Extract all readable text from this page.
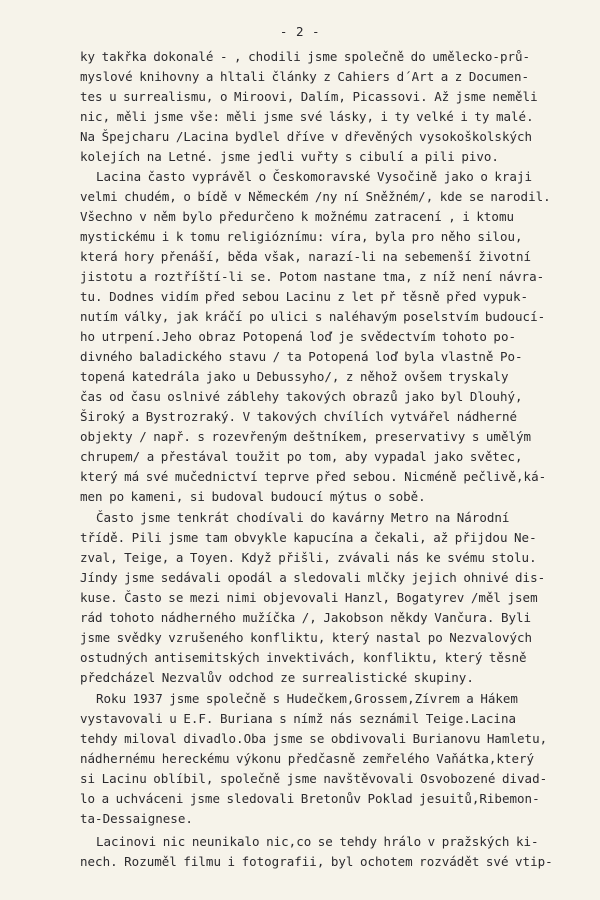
- 2 -
ky takřka dokonalé - , chodili jsme společně do umělecko-prů-
myslové knihovny a hltali články z Cahiers d´Art a z Documen-
tes u surrealismu, o Miroovi, Dalím, Picassovi. Až jsme neměli
nic, měli jsme vše: měli jsme své lásky, i ty velké i ty malé.
Na Špejcharu /Lacina bydlel dříve v dřevěných vysokoškolských
kolejích na Letné. jsme jedli vuřty s cibulí a pili pivo.
Lacina často vyprávěl o Českomoravské Vysočině jako o kraji
velmi chudém, o bídě v Německém /ny ní Sněžném/, kde se narodil.
Všechno v něm bylo předurčeno k možnému zatracení , i ktomu
mystickému i k tomu religióznímu: víra, byla pro něho silou,
která hory přenáší, běda však, narazí-li na sebemenší životní
jistotu a roztříští-li se. Potom nastane tma, z níž není návra-
tu. Dodnes vidím před sebou Lacinu z let př těsně před vypuk-
nutím války, jak kráčí po ulici s naléhavým poselstvím budoucí-
ho utrpení.Jeho obraz Potopená loď je svědectvím tohoto po-
divného baladického stavu / ta Potopená loď byla vlastně Po-
topená katedrála jako u Debussyho/, z něhož ovšem tryskaly
čas od času oslnivé záblehy takových obrazů jako byl Dlouhý,
Široký a Bystrozraký. V takových chvílích vytvářel nádherné
objekty / např. s rozevřeným deštníkem, preservativy s umělým
chrupem/ a přestával toužit po tom, aby vypadal jako světec,
který má své mučednictví teprve před sebou. Nicméně pečlivě,ká-
men po kameni, si budoval budoucí mýtus o sobě.
Často jsme tenkrát chodívali do kavárny Metro na Národní
třídě. Pili jsme tam obvykle kapucína a čekali, až přijdou Ne-
zval, Teige, a Toyen. Když přišli, zvávali nás ke svému stolu.
Jíndy jsme sedávali opodál a sledovali mlčky jejich ohnivé dis-
kuse. Často se mezi nimi objevovali Hanzl, Bogatyrev /měl jsem
rád tohoto nádherného mužíčka /, Jakobson někdy Vančura. Byli
jsme svědky vzrušeného konfliktu, který nastal po Nezvalových
ostudných antisemitských invektivách, konfliktu, který těsně
předcházel Nezvalův odchod ze surrealistické skupiny.
Roku 1937 jsme společně s Hudečkem,Grossem,Zívrem a Hákem
vystavovali u E.F. Buriana s nímž nás seznámil Teige.Lacina
tehdy miloval divadlo.Oba jsme se obdivovali Burianovu Hamletu,
nádhernému hereckému výkonu předčasně zemřelého Vaňátka,který
si Lacinu oblíbil, společně jsme navštěvovali Osvobozené divad-
lo a uchváceni jsme sledovali Bretonův Poklad jesuitů,Ribemon-
ta-Dessaignese.
Lacinovi nic neunikalo nic,co se tehdy hrálo v pražských ki-
nech. Rozuměl filmu i fotografii, byl ochotem rozvádět své vtip-
